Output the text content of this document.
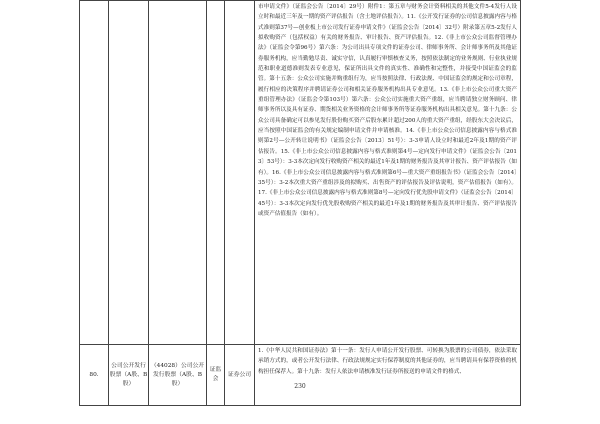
					市申请文件》（证监会公告〔2014〕29号）附件1：第五章与财务会计资料相关的其他文件5-4发行人设立时和最近三年及一期的资产评估报告（含土地评估报告）。11.《公开发行证券的公司信息披露内容与格式准则第37号—创业板上市公司发行证券申请文件》（证监会公告〔2014〕32号）附录第五章5-2发行人拟收购资产（包括权益）有关的财务报告、审计报告、资产评估报告。12.《非上市公众公司监督管理办法》（证监会令第96号）第六条：为公司出具专项文件的证券公司、律师事务所、会计师事务所及其他证券服务机构，应当勤勉尽责、诚实守信，认真履行审慎核查义务，按照依法制定的业务规则、行业执业规范和职业道德准则发表专业意见，保证所出具文件的真实性、准确性和完整性，并接受中国证监会的监管。第十五条：公众公司实施并购重组行为，应当按照法律、行政法规、中国证监会的规定和公司章程，履行相应的决策程序并聘请证券公司和相关证券服务机构出具专业意见。13.《非上市公众公司重大资产重组管理办法》（证监会令第103号）第六条：公众公司实施重大资产重组，应当聘请独立财务顾问、律师事务所以及具有证券、期货相关业务资格的会计师事务所等证券服务机构出具相关意见。第十九条：公众公司具备确定可以参见发行股份购买资产后股东累计超过200人的重大资产重组，经股东大会决议后，应当按照中国证监会的有关规定编制申请文件并申请核准。14.《非上市公众公司信息披露内容与格式准则第2号—公开转让说明书》（证监会公告〔2013〕51号）：3-3申请人设立时和最近2年及1期的资产评估报告。15.《非上市公众公司信息披露内容与格式准则第4号—定向发行申请文件》（证监会公告〔2013〕53号）：3-3本次定向发行收购资产相关的最近1年及1期的财务报告及其审计报告、资产评估报告（如有）。16.《非上市公众公司信息披露内容与格式准则第6号—重大资产重组报告书》（证监会公告〔2014〕35号）：3-2本次重大资产重组涉及的拟购买、出售资产的评估报告及评估说明，资产估值报告（如有）。17.《非上市公众公司信息披露内容与格式准则第8号—定向发行优先股申请文件》（证监会公告〔2014〕45号）：3-3本次定向发行优先股收购资产相关的最近1年及1期的财务报告及其审计报告、资产评估报告或资产估值报告（如有）。
80.	公司公开发行股票（A股、B股）	（44028）公司公开发行股票（A股、B股）	证监会	证券公司	1.《中华人民共和国证券法》第十一条：发行人申请公开发行股票、可转换为股票的公司债券，依法采取承销方式的，或者公开发行法律、行政法规规定实行保荐制度的其他证券的，应当聘请具有保荐资格的机构担任保荐人。第十九条：发行人依法申请核准发行证券所报送的申请文件的格式、
230
